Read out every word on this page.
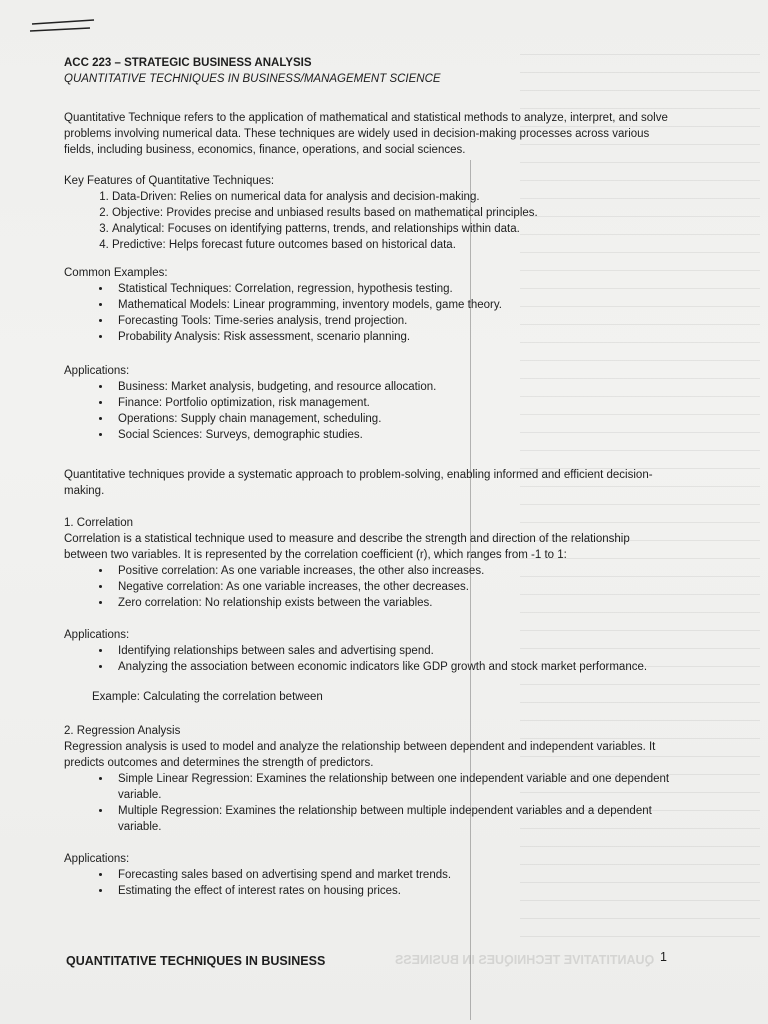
ACC 223 – STRATEGIC BUSINESS ANALYSIS

QUANTITATIVE TECHNIQUES IN BUSINESS/MANAGEMENT SCIENCE

Quantitative Technique refers to the application of mathematical and statistical methods to analyze, interpret, and solve problems involving numerical data. These techniques are widely used in decision-making processes across various fields, including business, economics, finance, operations, and social sciences.

Key Features of Quantitative Techniques:

1. Data-Driven: Relies on numerical data for analysis and decision-making.
2. Objective: Provides precise and unbiased results based on mathematical principles.
3. Analytical: Focuses on identifying patterns, trends, and relationships within data.
4. Predictive: Helps forecast future outcomes based on historical data.

Common Examples:

• Statistical Techniques: Correlation, regression, hypothesis testing.
• Mathematical Models: Linear programming, inventory models, game theory.
• Forecasting Tools: Time-series analysis, trend projection.
• Probability Analysis: Risk assessment, scenario planning.

Applications:

• Business: Market analysis, budgeting, and resource allocation.
• Finance: Portfolio optimization, risk management.
• Operations: Supply chain management, scheduling.
• Social Sciences: Surveys, demographic studies.

Quantitative techniques provide a systematic approach to problem-solving, enabling informed and efficient decision-making.

1. Correlation

Correlation is a statistical technique used to measure and describe the strength and direction of the relationship between two variables. It is represented by the correlation coefficient (r), which ranges from -1 to 1:

• Positive correlation: As one variable increases, the other also increases.
• Negative correlation: As one variable increases, the other decreases.
• Zero correlation: No relationship exists between the variables.

Applications:

• Identifying relationships between sales and advertising spend.
• Analyzing the association between economic indicators like GDP growth and stock market performance.

Example: Calculating the correlation between

2. Regression Analysis

Regression analysis is used to model and analyze the relationship between dependent and independent variables. It predicts outcomes and determines the strength of predictors.

• Simple Linear Regression: Examines the relationship between one independent variable and one dependent variable.
• Multiple Regression: Examines the relationship between multiple independent variables and a dependent variable.

Applications:

• Forecasting sales based on advertising spend and market trends.
• Estimating the effect of interest rates on housing prices.
QUANTITATIVE TECHNIQUES IN BUSINESS	QUANTITATIVE TECHNIQUES IN BUSINESS 1
